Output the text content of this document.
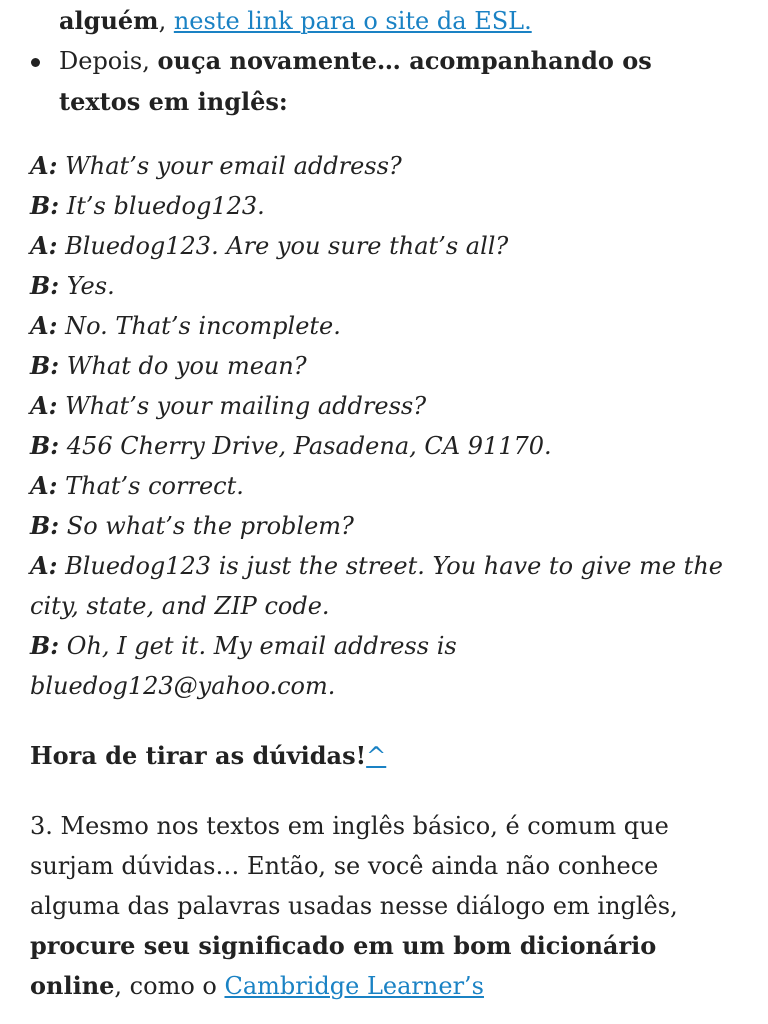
alguém, neste link para o site da ESL.
Depois, ouça novamente… acompanhando os textos em inglês:
A: What’s your email address?
B: It’s bluedog123.
A: Bluedog123. Are you sure that’s all?
B: Yes.
A: No. That’s incomplete.
B: What do you mean?
A: What’s your mailing address?
B: 456 Cherry Drive, Pasadena, CA 91170.
A: That’s correct.
B: So what’s the problem?
A: Bluedog123 is just the street. You have to give me the city, state, and ZIP code.
B: Oh, I get it. My email address is bluedog123@yahoo.com.
Hora de tirar as dúvidas!^
3. Mesmo nos textos em inglês básico, é comum que surjam dúvidas… Então, se você ainda não conhece alguma das palavras usadas nesse diálogo em inglês, procure seu significado em um bom dicionário online, como o Cambridge Learner’s
